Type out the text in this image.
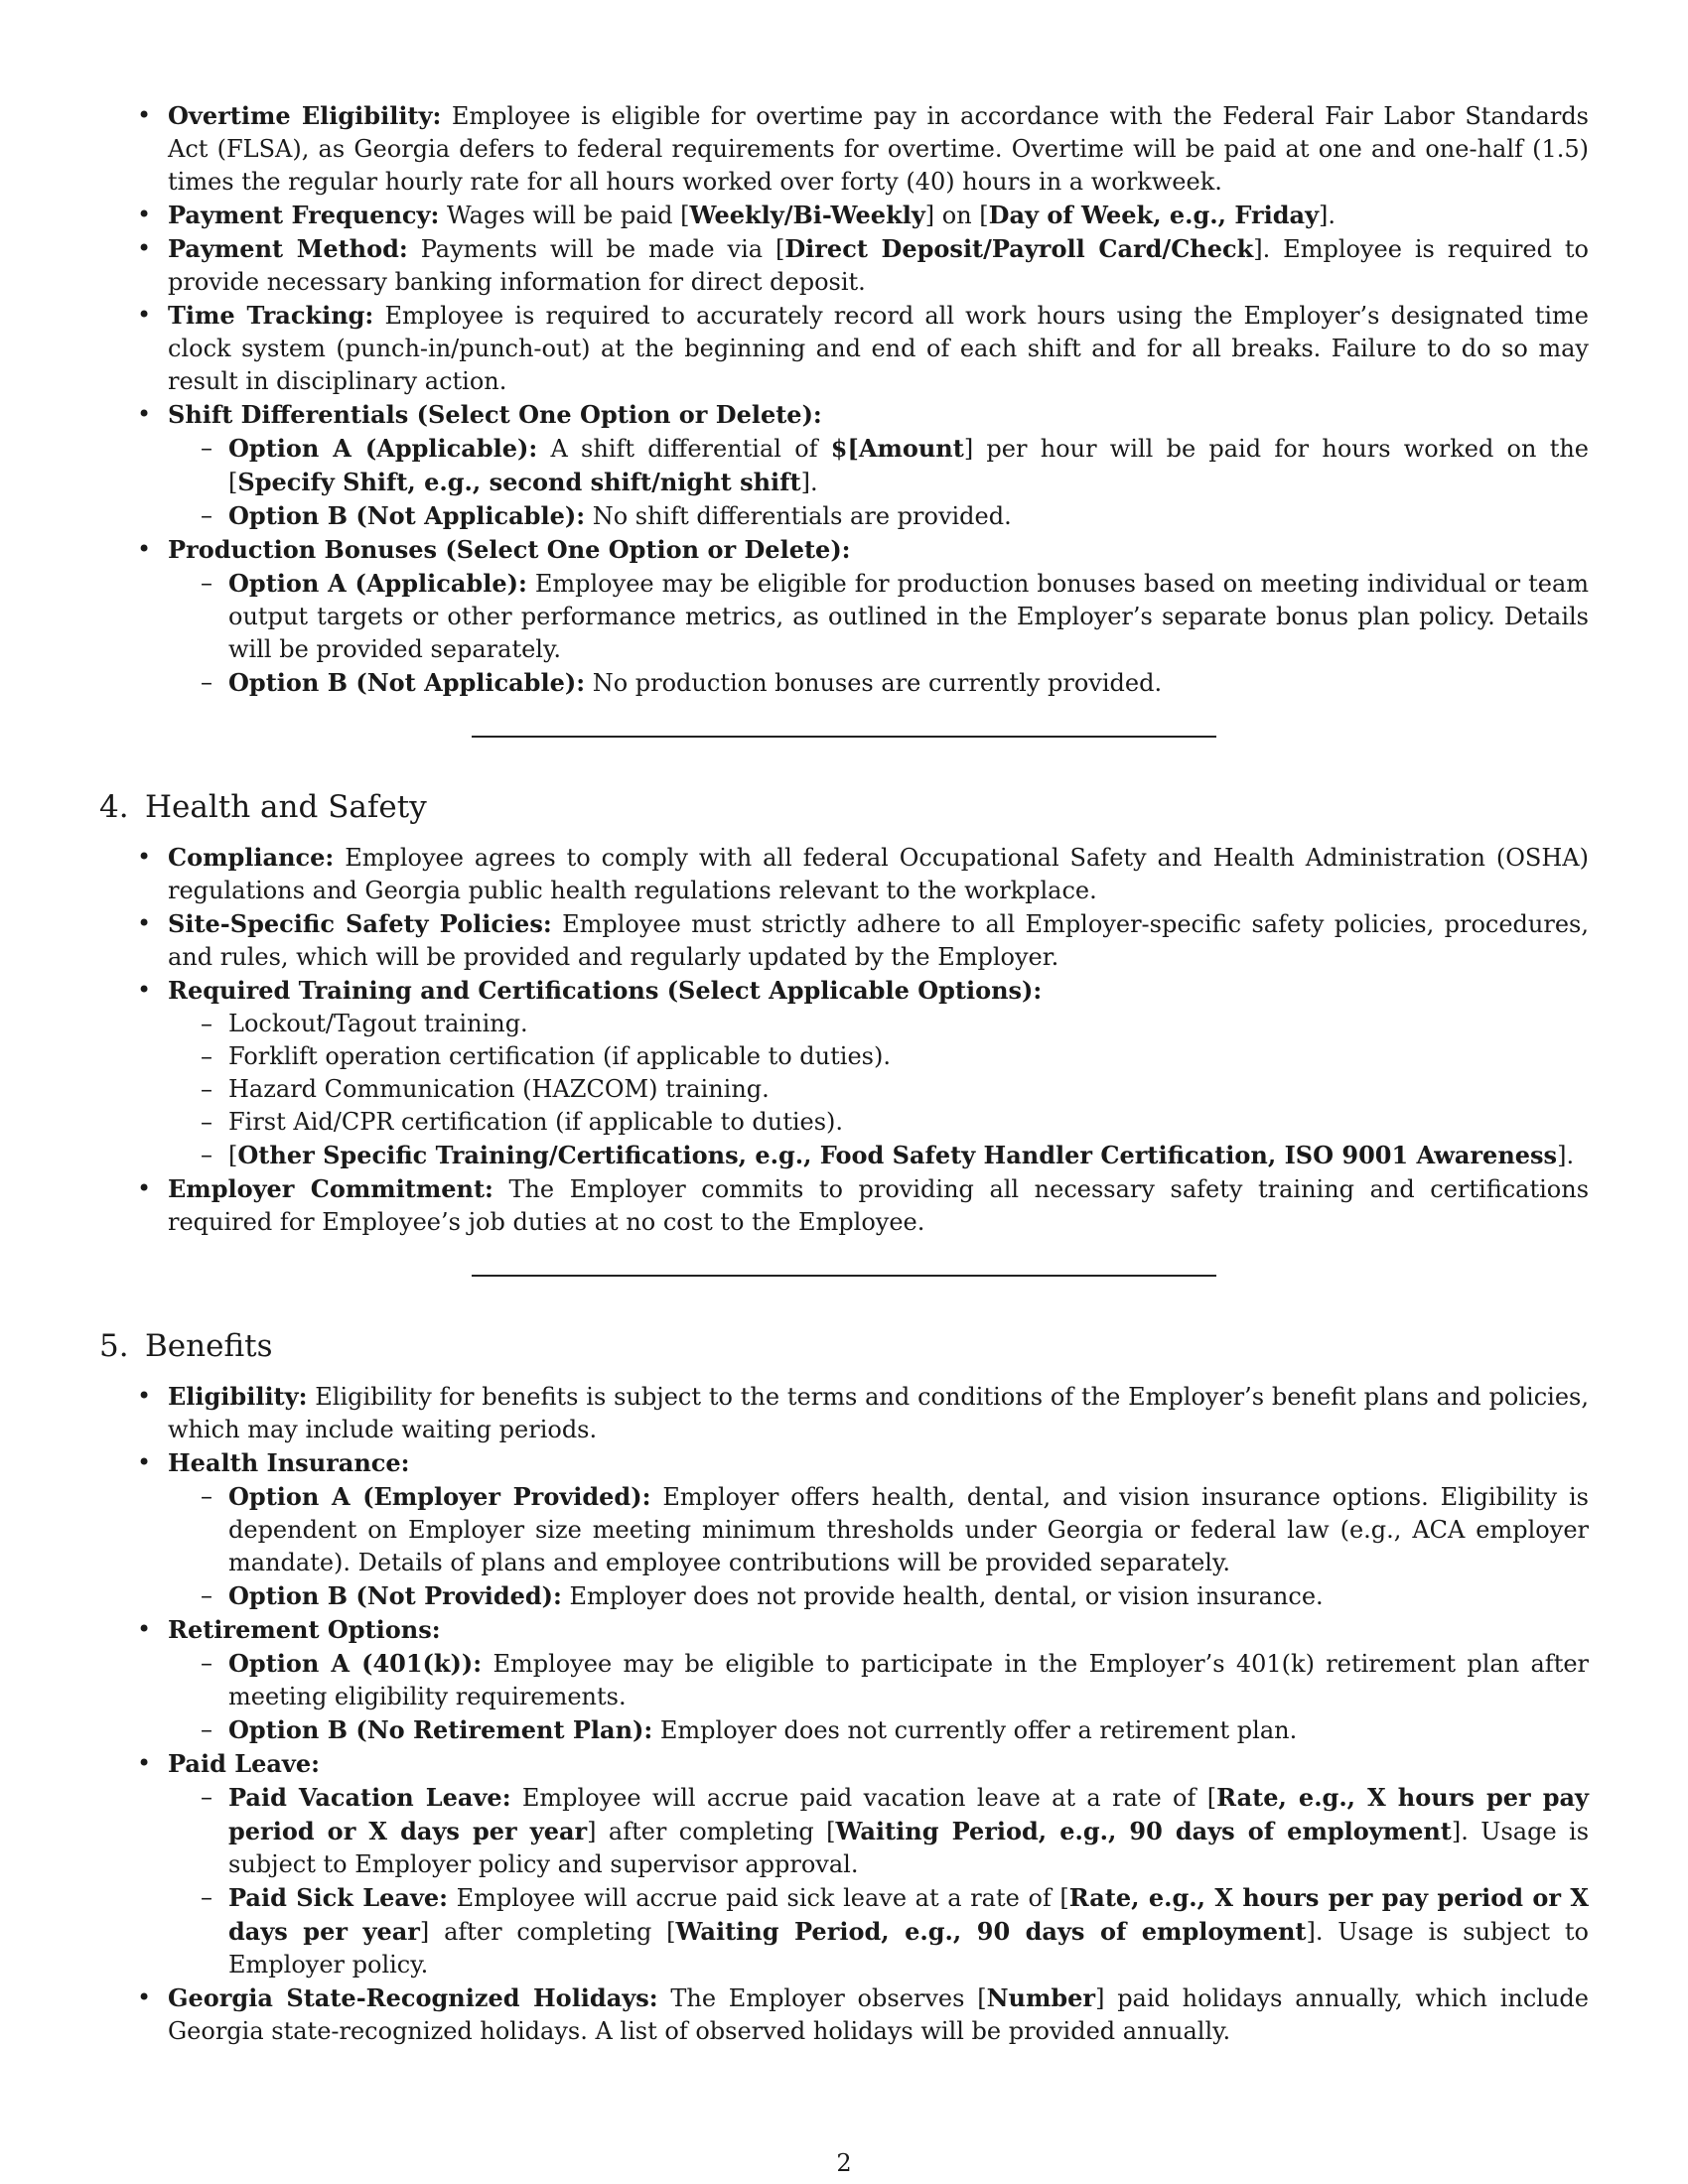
• Overtime Eligibility: Employee is eligible for overtime pay in accordance with the Federal Fair Labor Standards Act (FLSA), as Georgia defers to federal requirements for overtime. Overtime will be paid at one and one-half (1.5) times the regular hourly rate for all hours worked over forty (40) hours in a workweek.
• Payment Frequency: Wages will be paid [Weekly/Bi-Weekly] on [Day of Week, e.g., Friday].
• Payment Method: Payments will be made via [Direct Deposit/Payroll Card/Check]. Employee is required to provide necessary banking information for direct deposit.
• Time Tracking: Employee is required to accurately record all work hours using the Employer’s designated time clock system (punch-in/punch-out) at the beginning and end of each shift and for all breaks. Failure to do so may result in disciplinary action.
• Shift Differentials (Select One Option or Delete):
– Option A (Applicable): A shift differential of $[Amount] per hour will be paid for hours worked on the [Specify Shift, e.g., second shift/night shift].
– Option B (Not Applicable): No shift differentials are provided.
• Production Bonuses (Select One Option or Delete):
– Option A (Applicable): Employee may be eligible for production bonuses based on meeting individual or team output targets or other performance metrics, as outlined in the Employer’s separate bonus plan policy. Details will be provided separately.
– Option B (Not Applicable): No production bonuses are currently provided.
4. Health and Safety
• Compliance: Employee agrees to comply with all federal Occupational Safety and Health Administration (OSHA) regulations and Georgia public health regulations relevant to the workplace.
• Site-Specific Safety Policies: Employee must strictly adhere to all Employer-specific safety policies, procedures, and rules, which will be provided and regularly updated by the Employer.
• Required Training and Certifications (Select Applicable Options):
– Lockout/Tagout training.
– Forklift operation certification (if applicable to duties).
– Hazard Communication (HAZCOM) training.
– First Aid/CPR certification (if applicable to duties).
– [Other Specific Training/Certifications, e.g., Food Safety Handler Certification, ISO 9001 Awareness].
• Employer Commitment: The Employer commits to providing all necessary safety training and certifications required for Employee’s job duties at no cost to the Employee.
5. Benefits
• Eligibility: Eligibility for benefits is subject to the terms and conditions of the Employer’s benefit plans and policies, which may include waiting periods.
• Health Insurance:
– Option A (Employer Provided): Employer offers health, dental, and vision insurance options. Eligibility is dependent on Employer size meeting minimum thresholds under Georgia or federal law (e.g., ACA employer mandate). Details of plans and employee contributions will be provided separately.
– Option B (Not Provided): Employer does not provide health, dental, or vision insurance.
• Retirement Options:
– Option A (401(k)): Employee may be eligible to participate in the Employer’s 401(k) retirement plan after meeting eligibility requirements.
– Option B (No Retirement Plan): Employer does not currently offer a retirement plan.
• Paid Leave:
– Paid Vacation Leave: Employee will accrue paid vacation leave at a rate of [Rate, e.g., X hours per pay period or X days per year] after completing [Waiting Period, e.g., 90 days of employment]. Usage is subject to Employer policy and supervisor approval.
– Paid Sick Leave: Employee will accrue paid sick leave at a rate of [Rate, e.g., X hours per pay period or X days per year] after completing [Waiting Period, e.g., 90 days of employment]. Usage is subject to Employer policy.
• Georgia State-Recognized Holidays: The Employer observes [Number] paid holidays annually, which include Georgia state-recognized holidays. A list of observed holidays will be provided annually.
2
